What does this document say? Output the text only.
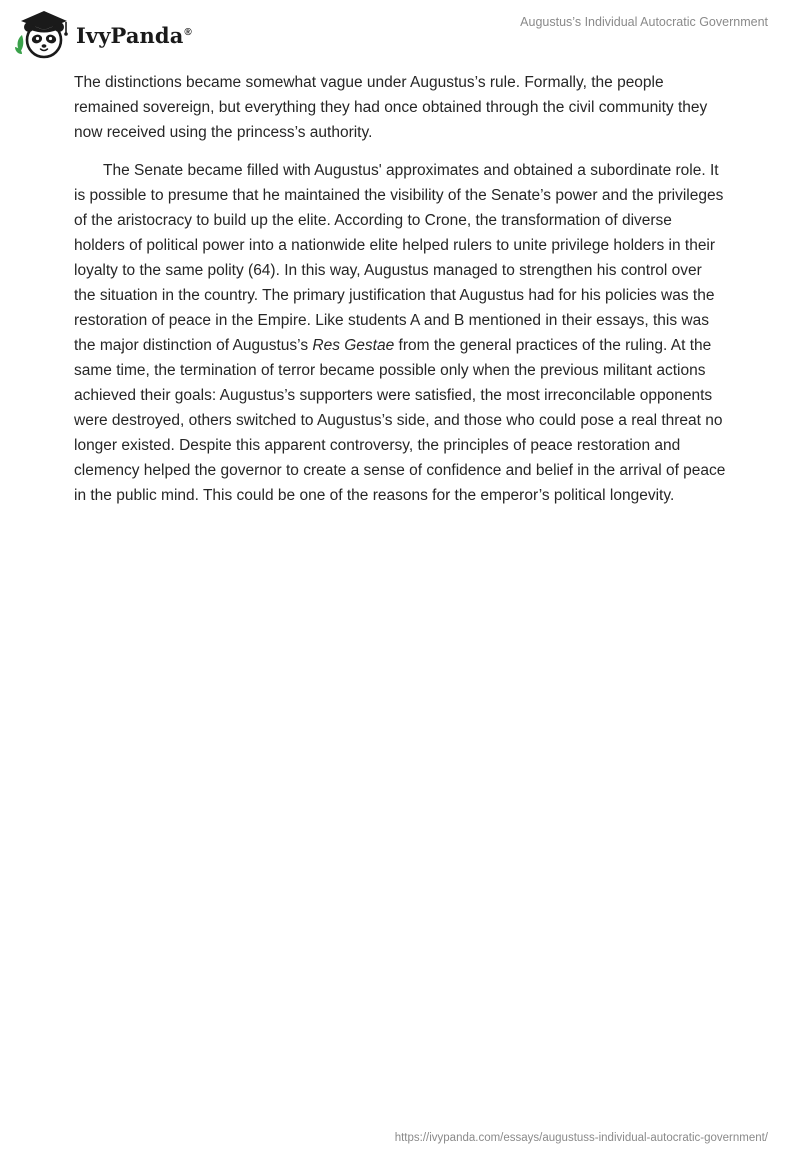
IvyPanda®
Augustus’s Individual Autocratic Government

The distinctions became somewhat vague under Augustus’s rule. Formally, the people remained sovereign, but everything they had once obtained through the civil community they now received using the princess’s authority.

The Senate became filled with Augustus' approximates and obtained a subordinate role. It is possible to presume that he maintained the visibility of the Senate’s power and the privileges of the aristocracy to build up the elite. According to Crone, the transformation of diverse holders of political power into a nationwide elite helped rulers to unite privilege holders in their loyalty to the same polity (64). In this way, Augustus managed to strengthen his control over the situation in the country. The primary justification that Augustus had for his policies was the restoration of peace in the Empire. Like students A and B mentioned in their essays, this was the major distinction of Augustus’s Res Gestae from the general practices of the ruling. At the same time, the termination of terror became possible only when the previous militant actions achieved their goals: Augustus’s supporters were satisfied, the most irreconcilable opponents were destroyed, others switched to Augustus’s side, and those who could pose a real threat no longer existed. Despite this apparent controversy, the principles of peace restoration and clemency helped the governor to create a sense of confidence and belief in the arrival of peace in the public mind. This could be one of the reasons for the emperor’s political longevity.

https://ivypanda.com/essays/augustuss-individual-autocratic-government/
